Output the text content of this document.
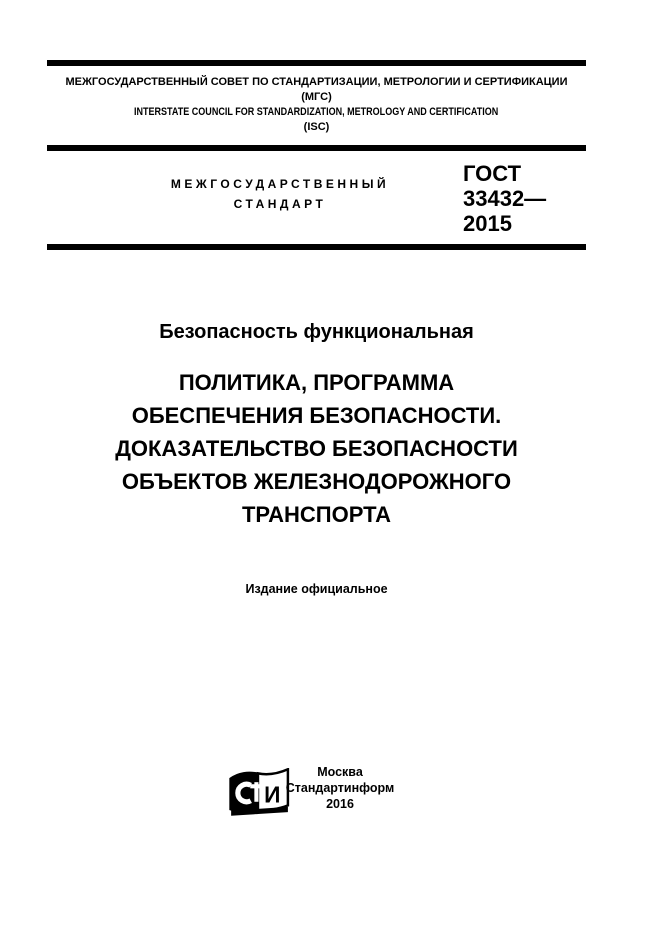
МЕЖГОСУДАРСТВЕННЫЙ СОВЕТ ПО СТАНДАРТИЗАЦИИ, МЕТРОЛОГИИ И СЕРТИФИКАЦИИ
(МГС)
INTERSTATE COUNCIL FOR STANDARDIZATION, METROLOGY AND CERTIFICATION
(ISC)
МЕЖГОСУДАРСТВЕННЫЙ
СТАНДАРТ
ГОСТ
33432—
2015
Безопасность функциональная
ПОЛИТИКА, ПРОГРАММА
ОБЕСПЕЧЕНИЯ БЕЗОПАСНОСТИ.
ДОКАЗАТЕЛЬСТВО БЕЗОПАСНОСТИ
ОБЪЕКТОВ ЖЕЛЕЗНОДОРОЖНОГО
ТРАНСПОРТА
Издание официальное
И
Москва
Стандартинформ
2016
